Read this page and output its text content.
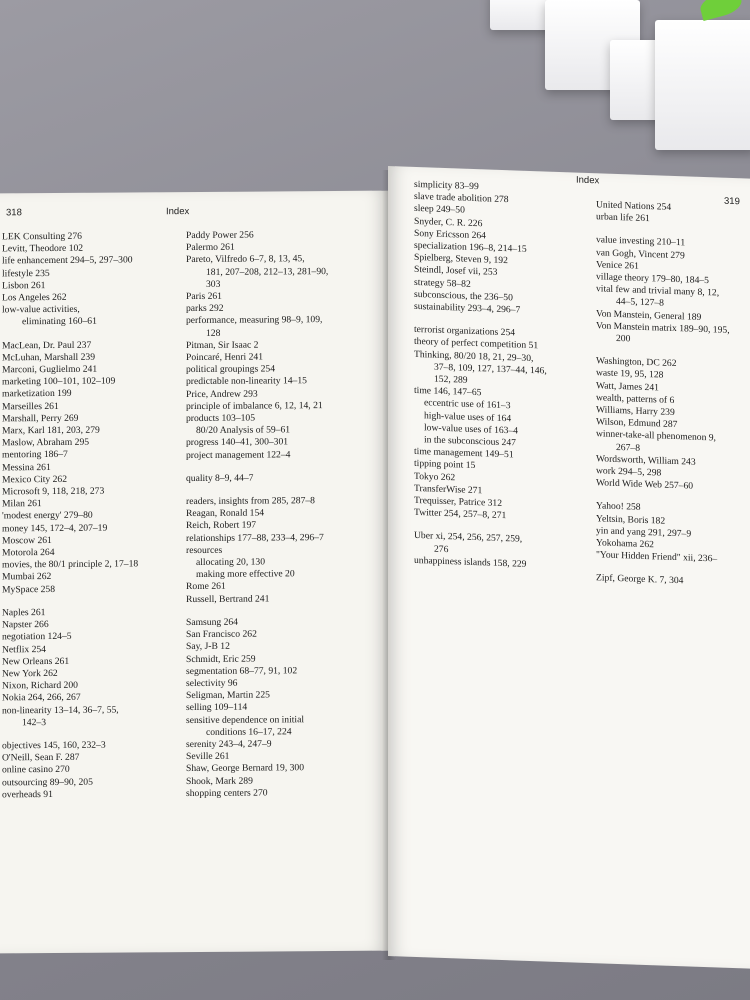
318	Index
LEK Consulting 276
Levitt, Theodore 102
life enhancement 294–5, 297–300
lifestyle 235
Lisbon 261
Los Angeles 262
low-value activities,
eliminating 160–61
MacLean, Dr. Paul 237
McLuhan, Marshall 239
Marconi, Guglielmo 241
marketing 100–101, 102–109
marketization 199
Marseilles 261
Marshall, Perry 269
Marx, Karl 181, 203, 279
Maslow, Abraham 295
mentoring 186–7
Messina 261
Mexico City 262
Microsoft 9, 118, 218, 273
Milan 261
'modest energy' 279–80
money 145, 172–4, 207–19
Moscow 261
Motorola 264
movies, the 80/1 principle 2, 17–18
Mumbai 262
MySpace 258
Naples 261
Napster 266
negotiation 124–5
Netflix 254
New Orleans 261
New York 262
Nixon, Richard 200
Nokia 264, 266, 267
non-linearity 13–14, 36–7, 55,
142–3
objectives 145, 160, 232–3
O'Neill, Sean F. 287
online casino 270
outsourcing 89–90, 205
overheads 91
Paddy Power 256
Palermo 261
Pareto, Vilfredo 6–7, 8, 13, 45,
181, 207–208, 212–13, 281–90,
303
Paris 261
parks 292
performance, measuring 98–9, 109,
128
Pitman, Sir Isaac 2
Poincaré, Henri 241
political groupings 254
predictable non-linearity 14–15
Price, Andrew 293
principle of imbalance 6, 12, 14, 21
products 103–105
80/20 Analysis of 59–61
progress 140–41, 300–301
project management 122–4
quality 8–9, 44–7
readers, insights from 285, 287–8
Reagan, Ronald 154
Reich, Robert 197
relationships 177–88, 233–4, 296–7
resources
allocating 20, 130
making more effective 20
Rome 261
Russell, Bertrand 241
Samsung 264
San Francisco 262
Say, J-B 12
Schmidt, Eric 259
segmentation 68–77, 91, 102
selectivity 96
Seligman, Martin 225
selling 109–114
sensitive dependence on initial
conditions 16–17, 224
serenity 243–4, 247–9
Seville 261
Shaw, George Bernard 19, 300
Shook, Mark 289
shopping centers 270
Index
319
simplicity 83–99
slave trade abolition 278
sleep 249–50
Snyder, C. R. 226
Sony Ericsson 264
specialization 196–8, 214–15
Spielberg, Steven 9, 192
Steindl, Josef vii, 253
strategy 58–82
subconscious, the 236–50
sustainability 293–4, 296–7
terrorist organizations 254
theory of perfect competition 51
Thinking, 80/20 18, 21, 29–30,
37–8, 109, 127, 137–44, 146,
152, 289
time 146, 147–65
eccentric use of 161–3
high-value uses of 164
low-value uses of 163–4
in the subconscious 247
time management 149–51
tipping point 15
Tokyo 262
TransferWise 271
Trequisser, Patrice 312
Twitter 254, 257–8, 271
Uber xi, 254, 256, 257, 259,
276
unhappiness islands 158, 229
United Nations 254
urban life 261
value investing 210–11
van Gogh, Vincent 279
Venice 261
village theory 179–80, 184–5
vital few and trivial many 8, 12,
44–5, 127–8
Von Manstein, General 189
Von Manstein matrix 189–90, 195,
200
Washington, DC 262
waste 19, 95, 128
Watt, James 241
wealth, patterns of 6
Williams, Harry 239
Wilson, Edmund 287
winner-take-all phenomenon 9,
267–8
Wordsworth, William 243
work 294–5, 298
World Wide Web 257–60
Yahoo! 258
Yeltsin, Boris 182
yin and yang 291, 297–9
Yokohama 262
"Your Hidden Friend" xii, 236–
Zipf, George K. 7, 304
